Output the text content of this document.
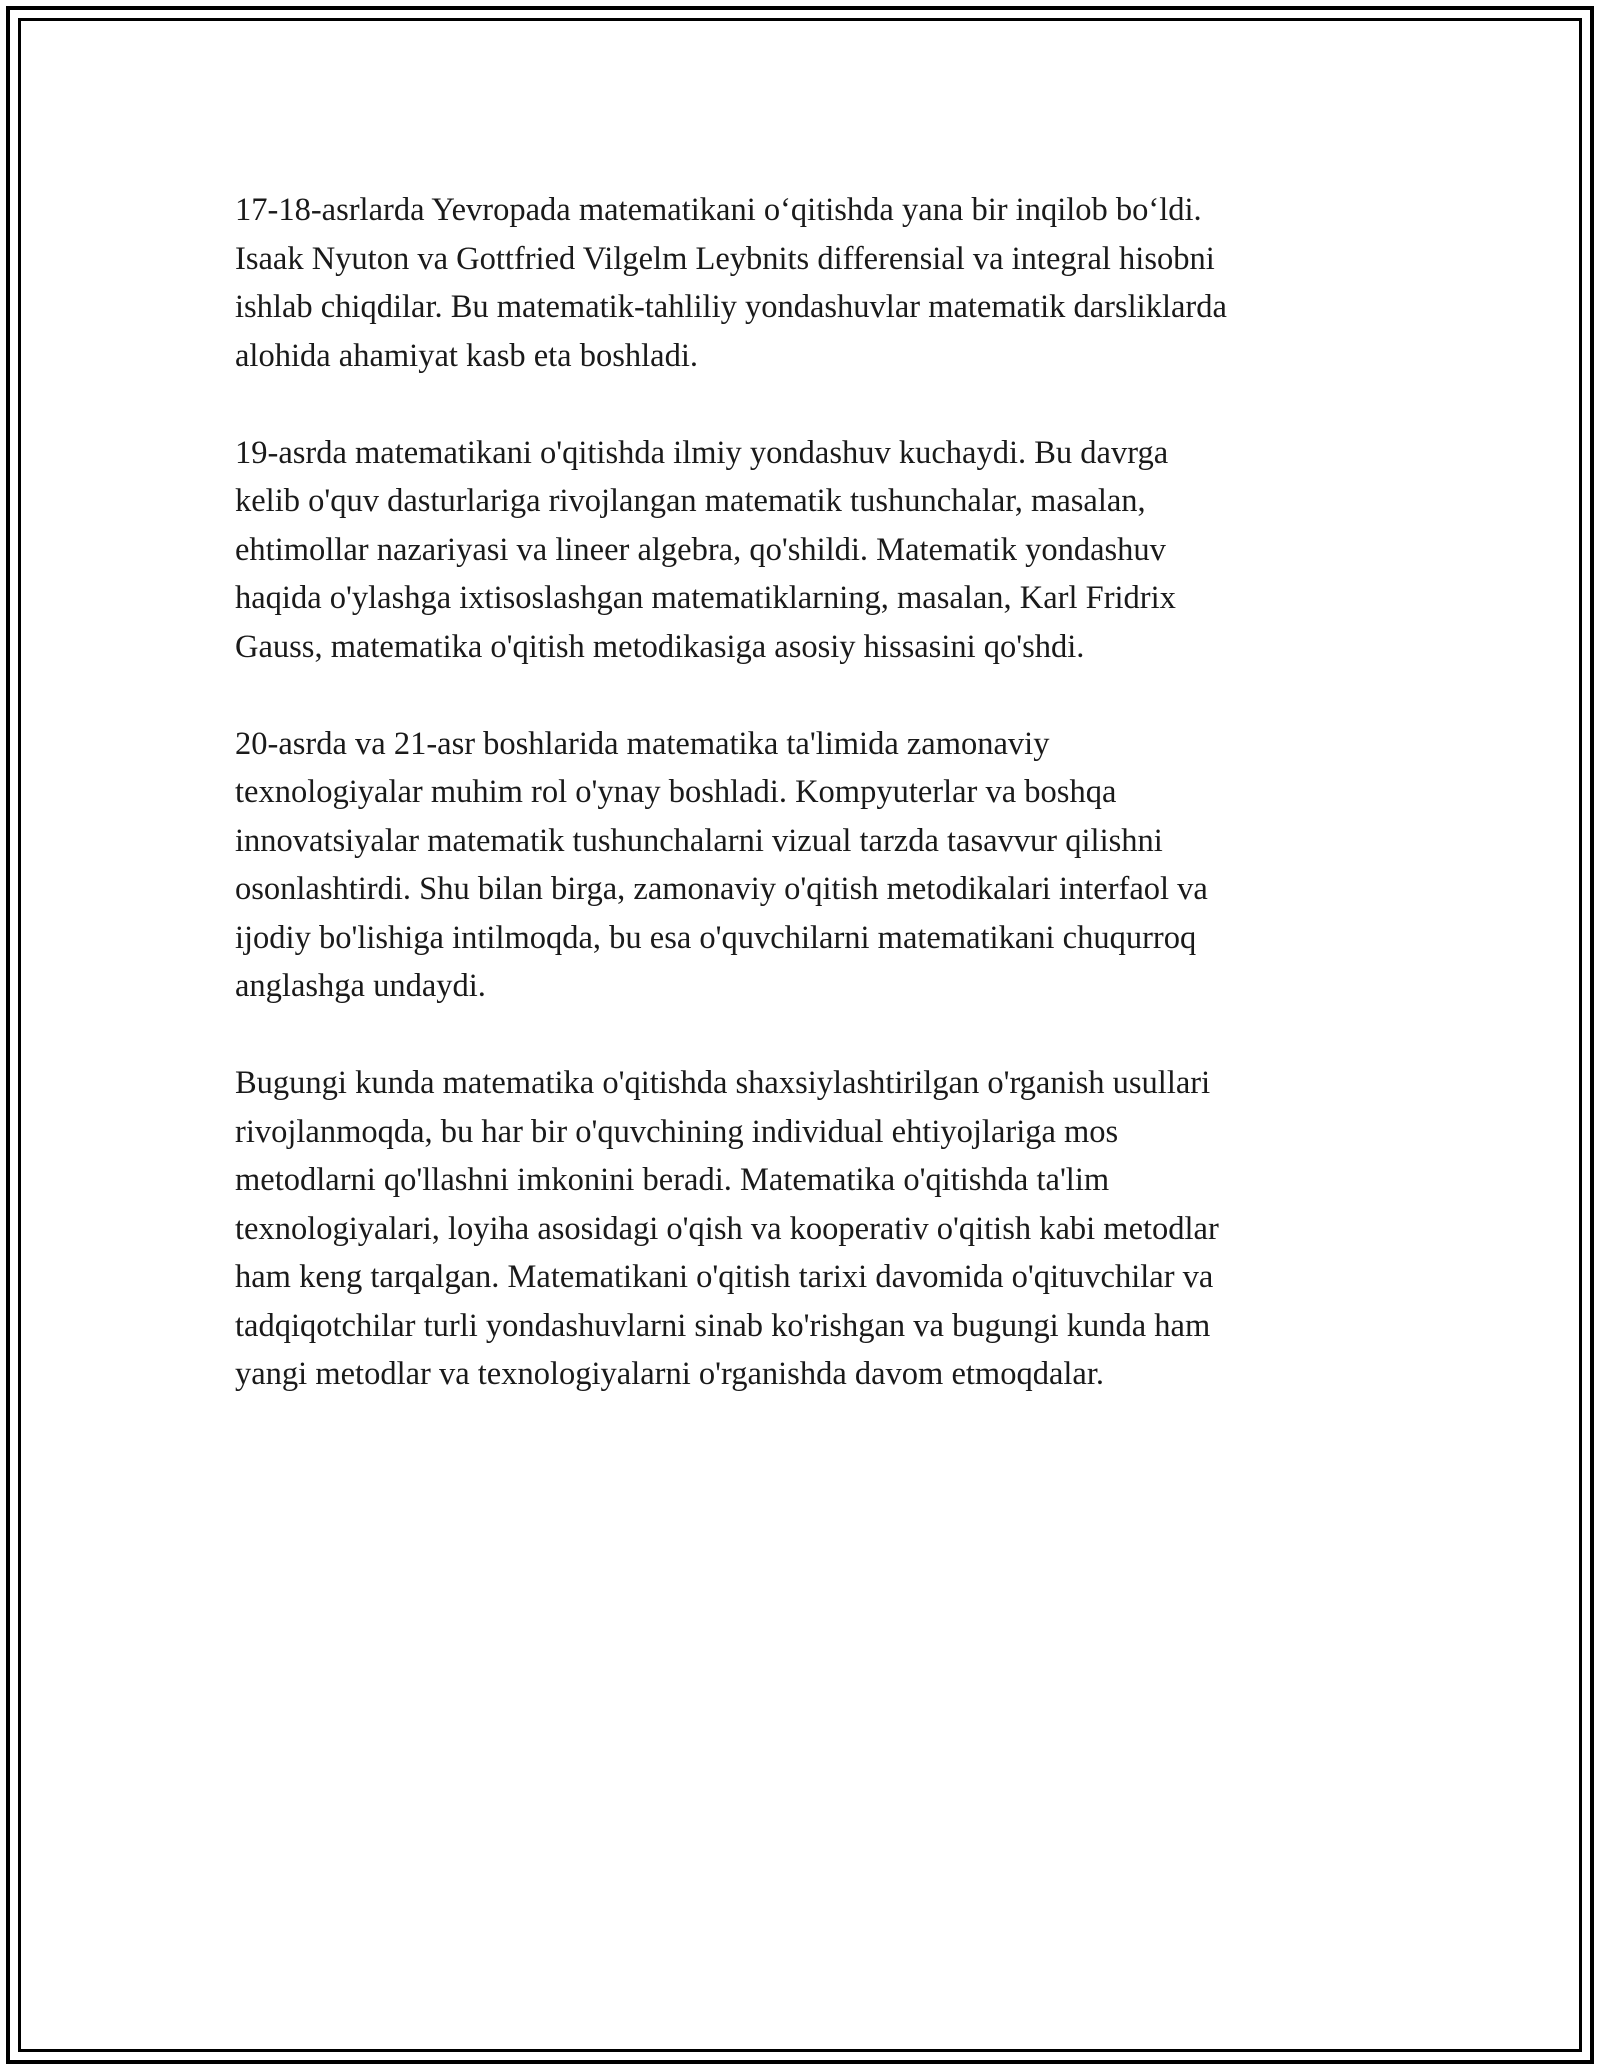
17-18-asrlarda Yevropada matematikani o‘qitishda yana bir inqilob bo‘ldi.
Isaak Nyuton va Gottfried Vilgelm Leybnits differensial va integral hisobni
ishlab chiqdilar. Bu matematik-tahliliy yondashuvlar matematik darsliklarda
alohida ahamiyat kasb eta boshladi.

19-asrda matematikani o'qitishda ilmiy yondashuv kuchaydi. Bu davrga
kelib o'quv dasturlariga rivojlangan matematik tushunchalar, masalan,
ehtimollar nazariyasi va lineer algebra, qo'shildi. Matematik yondashuv
haqida o'ylashga ixtisoslashgan matematiklarning, masalan, Karl Fridrix
Gauss, matematika o'qitish metodikasiga asosiy hissasini qo'shdi.

20-asrda va 21-asr boshlarida matematika ta'limida zamonaviy
texnologiyalar muhim rol o'ynay boshladi. Kompyuterlar va boshqa
innovatsiyalar matematik tushunchalarni vizual tarzda tasavvur qilishni
osonlashtirdi. Shu bilan birga, zamonaviy o'qitish metodikalari interfaol va
ijodiy bo'lishiga intilmoqda, bu esa o'quvchilarni matematikani chuqurroq
anglashga undaydi.

Bugungi kunda matematika o'qitishda shaxsiylashtirilgan o'rganish usullari
rivojlanmoqda, bu har bir o'quvchining individual ehtiyojlariga mos
metodlarni qo'llashni imkonini beradi. Matematika o'qitishda ta'lim
texnologiyalari, loyiha asosidagi o'qish va kooperativ o'qitish kabi metodlar
ham keng tarqalgan. Matematikani o'qitish tarixi davomida o'qituvchilar va
tadqiqotchilar turli yondashuvlarni sinab ko'rishgan va bugungi kunda ham
yangi metodlar va texnologiyalarni o'rganishda davom etmoqdalar.
